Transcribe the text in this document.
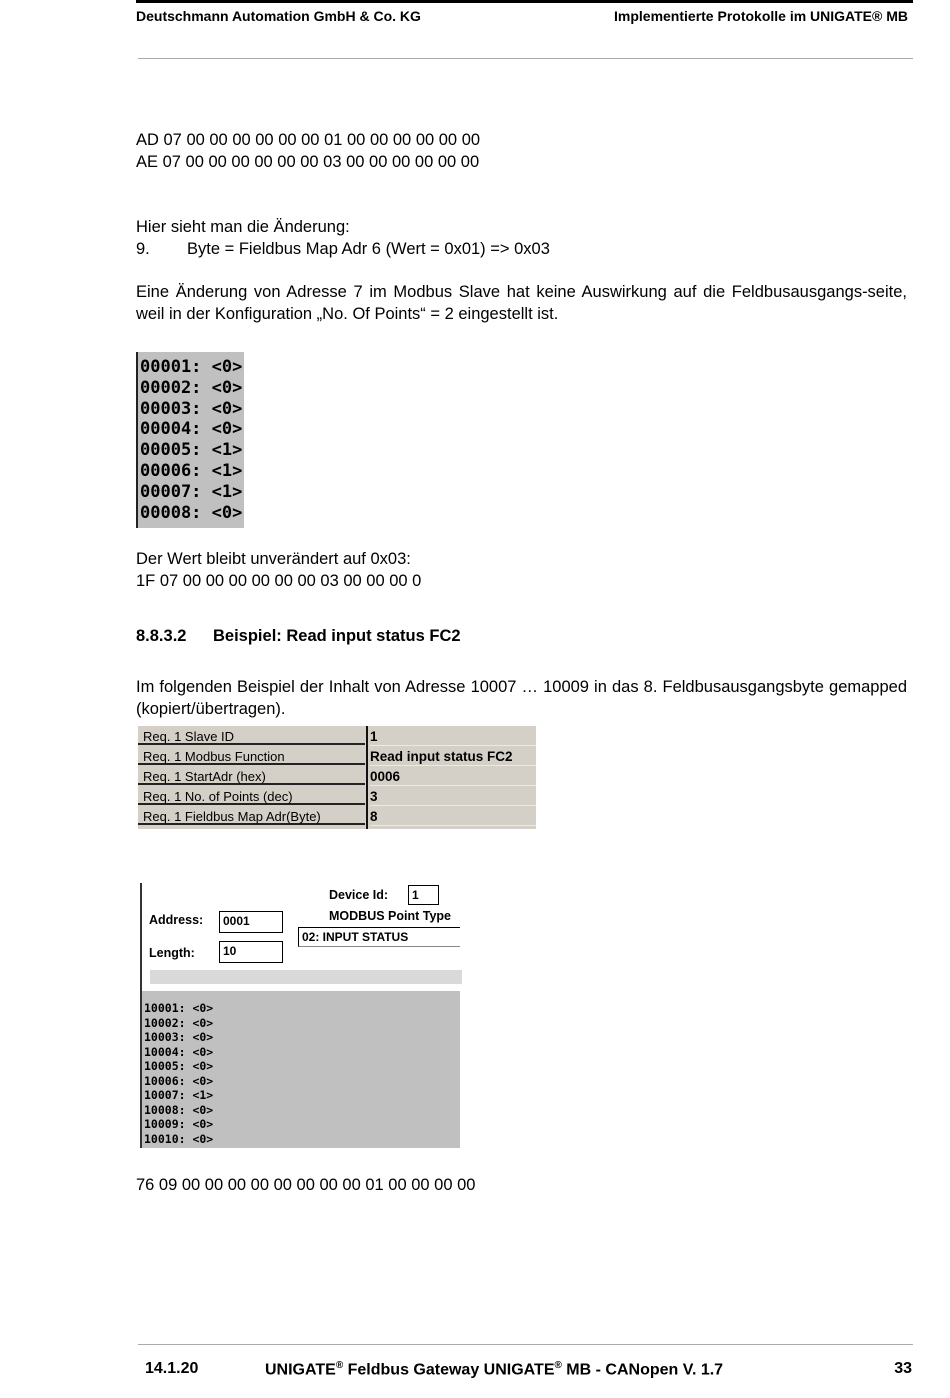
Deutschmann Automation GmbH & Co. KG	Implementierte Protokolle im UNIGATE® MB
AD 07 00 00 00 00 00 00 01 00 00 00 00 00 00
AE 07 00 00 00 00 00 00 03 00 00 00 00 00 00
Hier sieht man die Änderung:
9. Byte = Fieldbus Map Adr 6 (Wert = 0x01) => 0x03
Eine Änderung von Adresse 7 im Modbus Slave hat keine Auswirkung auf die Feldbusausgangs-seite, weil in der Konfiguration „No. Of Points“ = 2 eingestellt ist.
00001: <0>
00002: <0>
00003: <0>
00004: <0>
00005: <1>
00006: <1>
00007: <1>
00008: <0>
Der Wert bleibt unverändert auf 0x03:
1F 07 00 00 00 00 00 00 03 00 00 00 0
8.8.3.2 Beispiel: Read input status FC2
Im folgenden Beispiel der Inhalt von Adresse 10007 … 10009 in das 8. Feldbusausgangsbyte gemapped (kopiert/übertragen).
Req. 1 Slave ID	1
Req. 1 Modbus Function	Read input status FC2
Req. 1 StartAdr (hex)	0006
Req. 1 No. of Points (dec)	3
Req. 1 Fieldbus Map Adr(Byte)	8
Device Id:	1
MODBUS Point Type
02: INPUT STATUS
Address:	0001
Length:	10
10001: <0>
10002: <0>
10003: <0>
10004: <0>
10005: <0>
10006: <0>
10007: <1>
10008: <0>
10009: <0>
10010: <0>
76 09 00 00 00 00 00 00 00 00 01 00 00 00 00
14.1.20	UNIGATE® Feldbus Gateway UNIGATE® MB - CANopen V. 1.7	33
